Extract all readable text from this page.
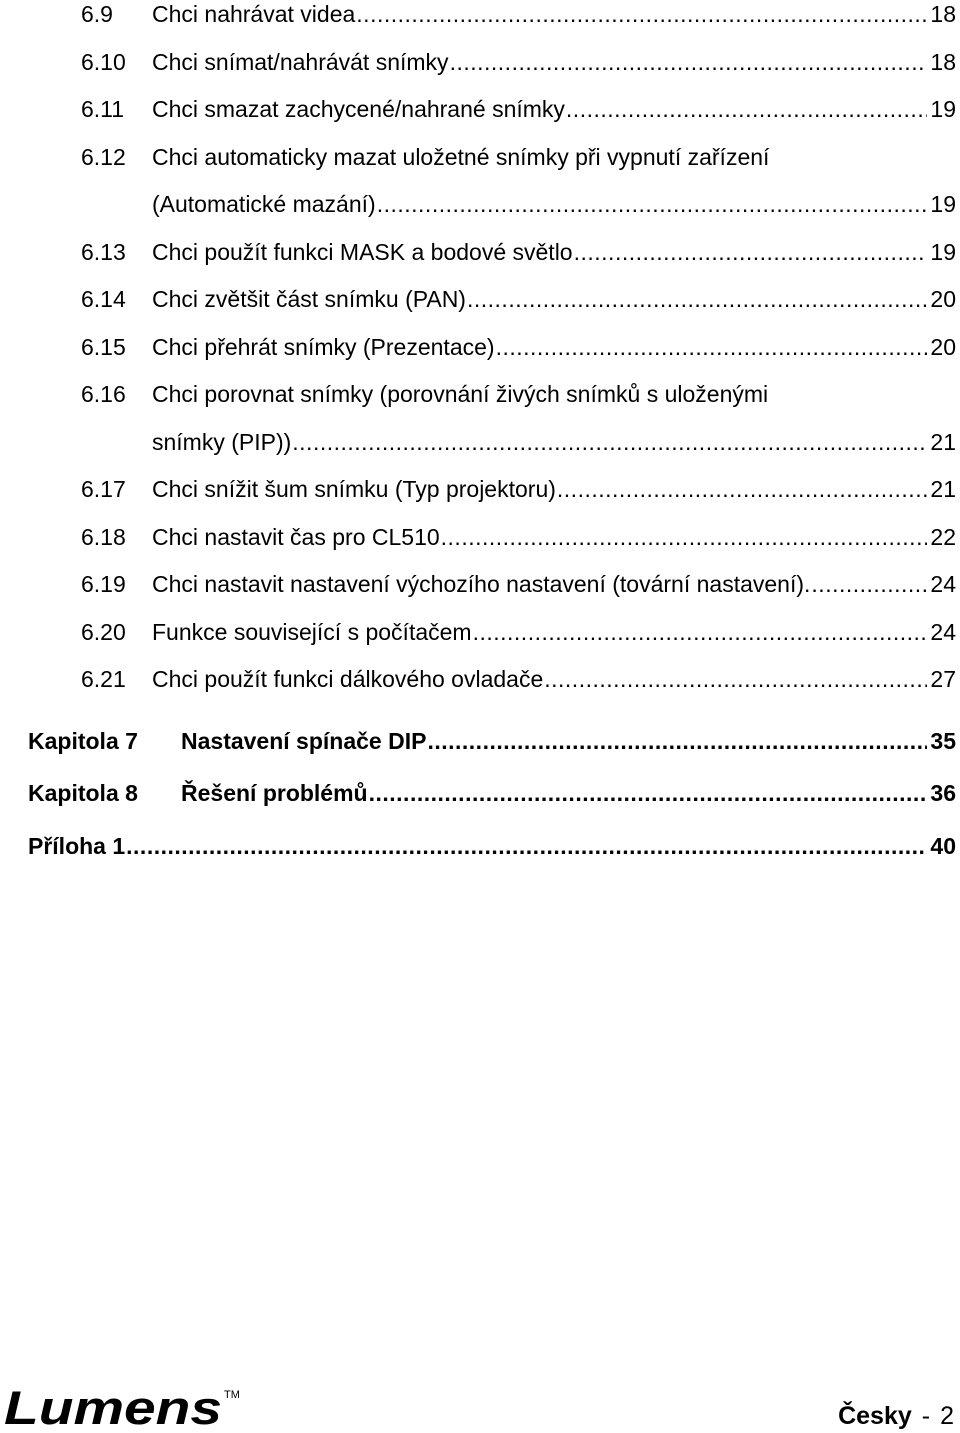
6.9 Chci nahrávat videa .....	18
6.10 Chci snímat/nahrávát snímky .....	18
6.11 Chci smazat zachycené/nahrané snímky .....	19
6.12 Chci automaticky mazat uložetné snímky při vypnutí zařízení
(Automatické mazání) .....	19
6.13 Chci použít funkci MASK a bodové světlo .....	19
6.14 Chci zvětšit část snímku (PAN) .....	20
6.15 Chci přehrát snímky (Prezentace) .....	20
6.16 Chci porovnat snímky (porovnání živých snímků s uloženými
snímky (PIP)) .....	21
6.17 Chci snížit šum snímku (Typ projektoru) .....	21
6.18 Chci nastavit čas pro CL510 .....	22
6.19 Chci nastavit nastavení výchozího nastavení (tovární nastavení). .....	24
6.20 Funkce související s počítačem .....	24
6.21 Chci použít funkci dálkového ovladače .....	27
Kapitola 7 Nastavení spínače DIP .....	35
Kapitola 8 Řešení problémů .....	36
Příloha 1 .....	40
Lumens TM
Česky - 2
